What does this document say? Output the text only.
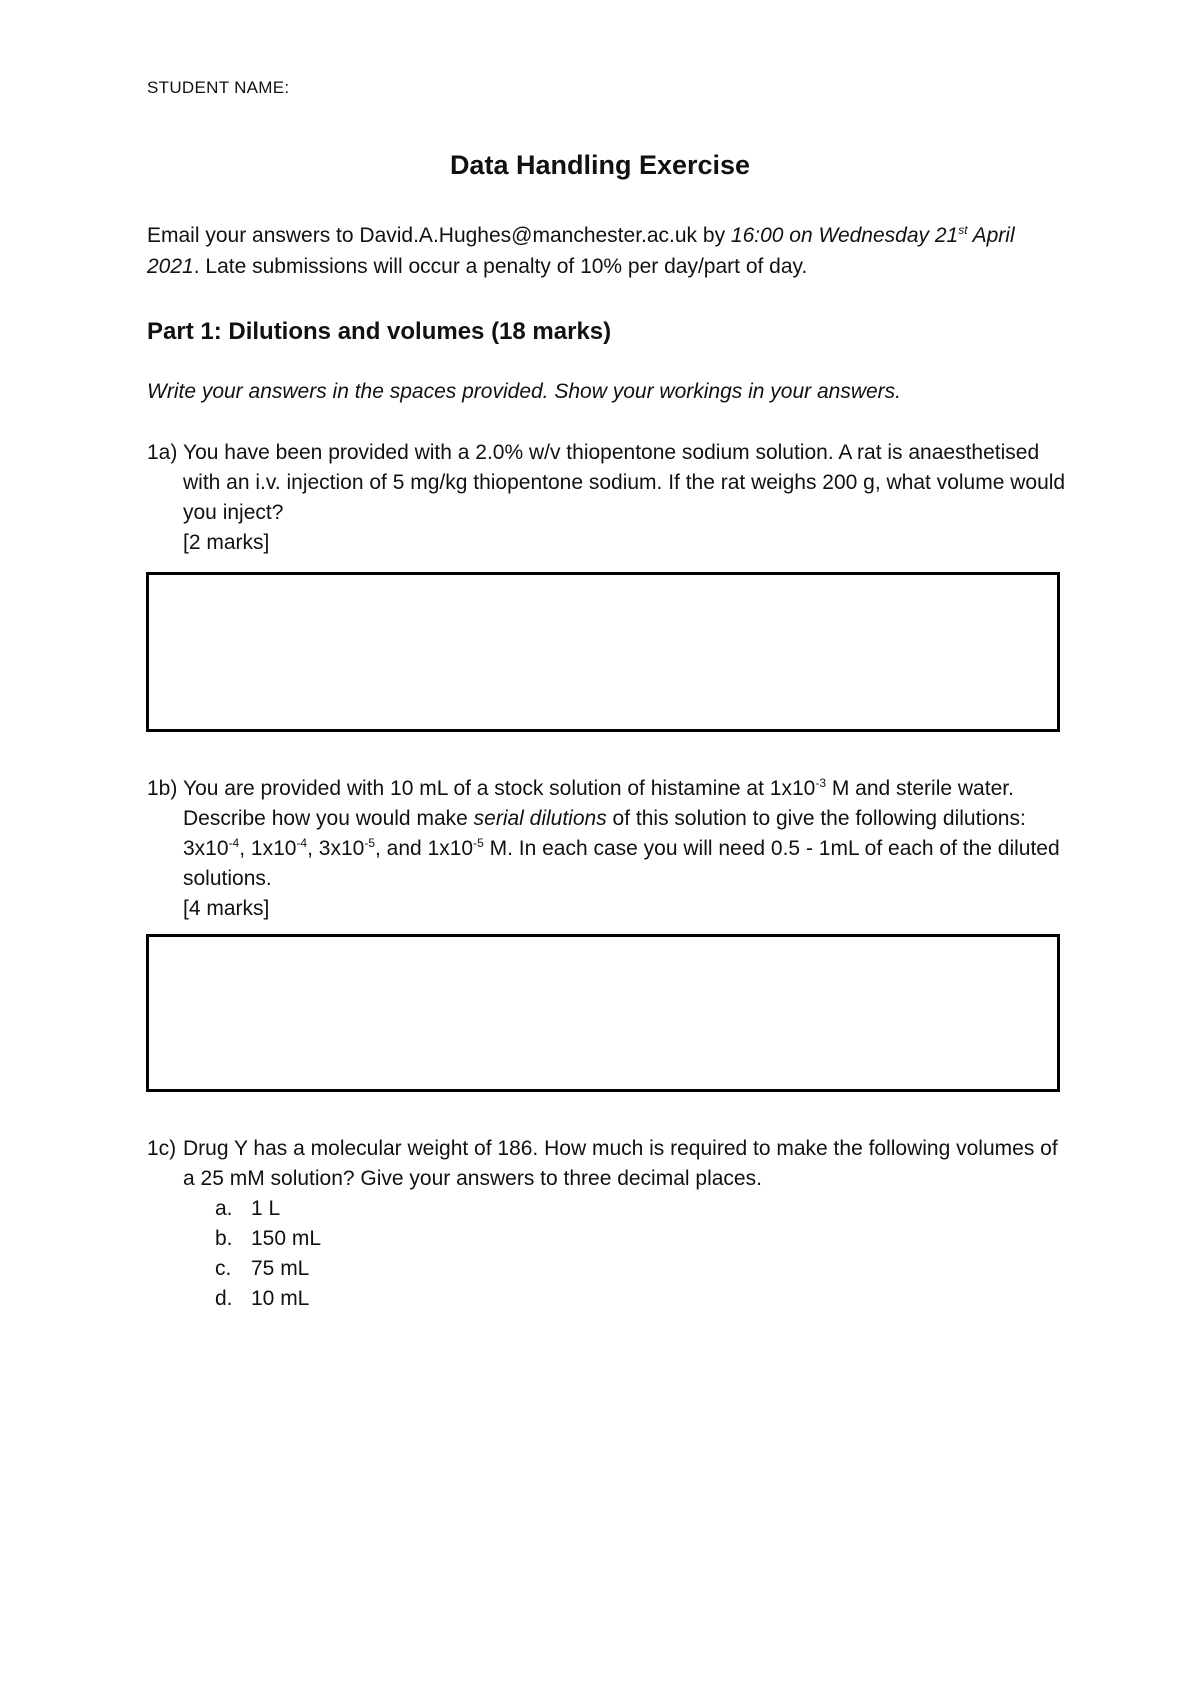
STUDENT NAME:
Data Handling Exercise
Email your answers to David.A.Hughes@manchester.ac.uk by 16:00 on Wednesday 21st April 2021. Late submissions will occur a penalty of 10% per day/part of day.
Part 1: Dilutions and volumes (18 marks)
Write your answers in the spaces provided. Show your workings in your answers.
1a) You have been provided with a 2.0% w/v thiopentone sodium solution. A rat is anaesthetised with an i.v. injection of 5 mg/kg thiopentone sodium. If the rat weighs 200 g, what volume would you inject?
[2 marks]
1b) You are provided with 10 mL of a stock solution of histamine at $1x10^{-3}$ M and sterile water. Describe how you would make serial dilutions of this solution to give the following dilutions: $3x10^{-4}$, $1x10^{-4}$, $3x10^{-5}$, and $1x10^{-5}$ M. In each case you will need 0.5 - 1mL of each of the diluted solutions.
[4 marks]
1c) Drug Y has a molecular weight of 186. How much is required to make the following volumes of a 25 mM solution? Give your answers to three decimal places.
a. 1 L
b. 150 mL
c. 75 mL
d. 10 mL
